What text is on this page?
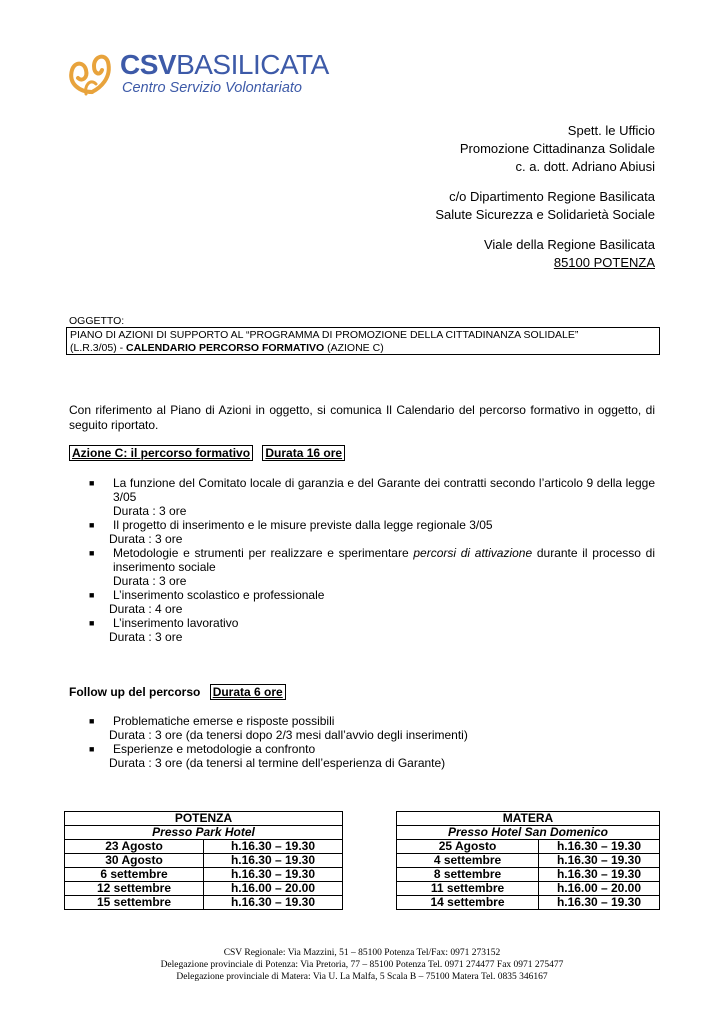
CSVBASILICATA
Centro Servizio Volontariato
Spett. le Ufficio
Promozione Cittadinanza Solidale
c. a. dott. Adriano Abiusi
c/o Dipartimento Regione Basilicata
Salute Sicurezza e Solidarietà Sociale
Viale della Regione Basilicata
85100 POTENZA
OGGETTO:
PIANO DI AZIONI DI SUPPORTO AL “PROGRAMMA DI PROMOZIONE DELLA CITTADINANZA SOLIDALE”
(L.R.3/05) - CALENDARIO PERCORSO FORMATIVO (AZIONE C)
Con riferimento al Piano di Azioni in oggetto, si comunica Il Calendario del percorso formativo in oggetto, di seguito riportato.
Azione C: il percorso formativo Durata 16 ore
■ La funzione del Comitato locale di garanzia e del Garante dei contratti secondo l’articolo 9 della legge 3/05
Durata : 3 ore
■ Il progetto di inserimento e le misure previste dalla legge regionale 3/05
Durata : 3 ore
■ Metodologie e strumenti per realizzare e sperimentare percorsi di attivazione durante il processo di inserimento sociale
Durata : 3 ore
■ L’inserimento scolastico e professionale
Durata : 4 ore
■ L’inserimento lavorativo
Durata : 3 ore
Follow up del percorso Durata 6 ore
■ Problematiche emerse e risposte possibili
Durata : 3 ore (da tenersi dopo 2/3 mesi dall’avvio degli inserimenti)
■ Esperienze e metodologie a confronto
Durata : 3 ore (da tenersi al termine dell’esperienza di Garante)
POTENZA	
Presso Park Hotel	
23 Agosto	h.16.30 – 19.30
30 Agosto	h.16.30 – 19.30
6 settembre	h.16.30 – 19.30
12 settembre	h.16.00 – 20.00
15 settembre	h.16.30 – 19.30
MATERA	
Presso Hotel San Domenico	
25 Agosto	h.16.30 – 19.30
4 settembre	h.16.30 – 19.30
8 settembre	h.16.30 – 19.30
11 settembre	h.16.00 – 20.00
14 settembre	h.16.30 – 19.30
CSV Regionale: Via Mazzini, 51 – 85100 Potenza Tel/Fax: 0971 273152
Delegazione provinciale di Potenza: Via Pretoria, 77 – 85100 Potenza Tel. 0971 274477 Fax 0971 275477
Delegazione provinciale di Matera: Via U. La Malfa, 5 Scala B – 75100 Matera Tel. 0835 346167
